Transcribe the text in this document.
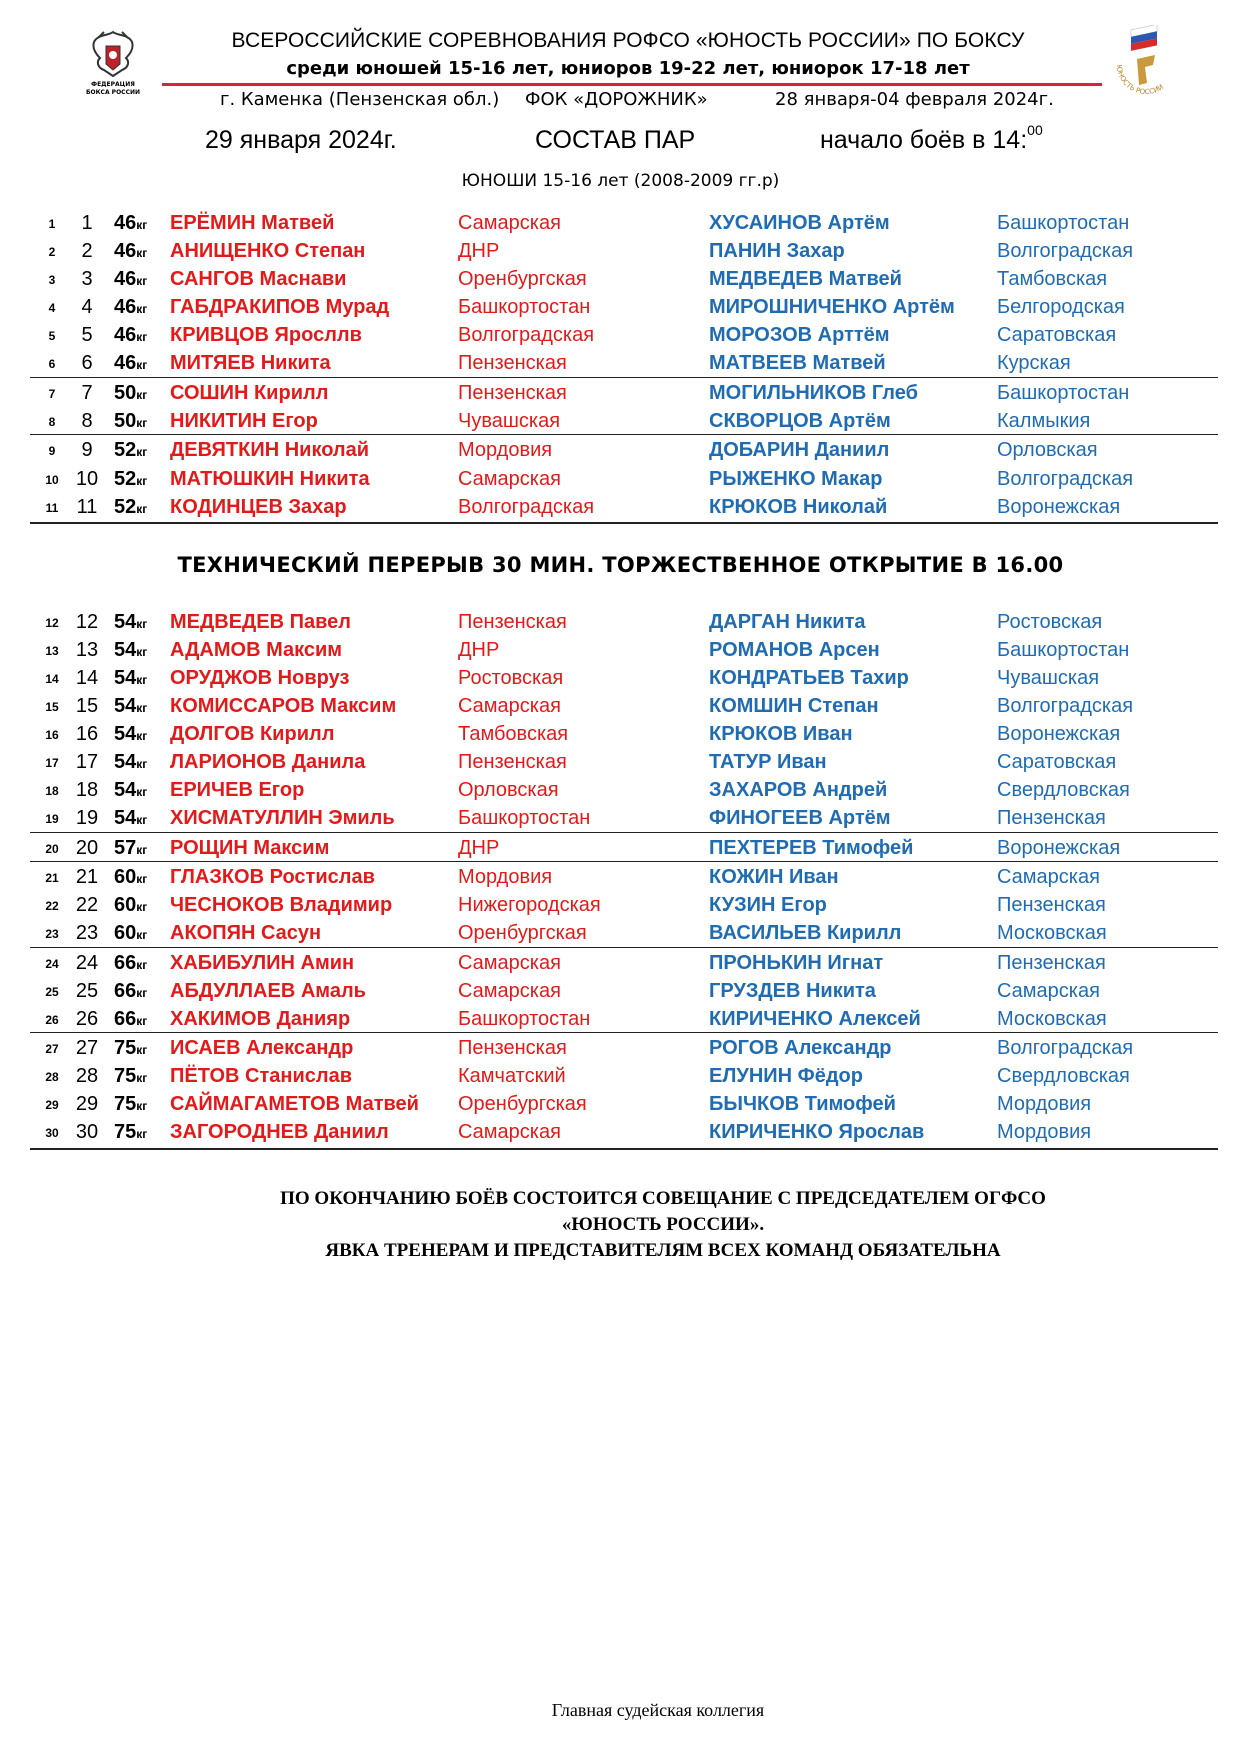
ФЕДЕРАЦИЯ
БОКСА РОССИИ
ЮНОСТЬ РОССИИ
ВСЕРОССИЙСКИЕ СОРЕВНОВАНИЯ РОФСО «ЮНОСТЬ РОССИИ» ПО БОКСУ
среди юношей 15-16 лет, юниоров 19-22 лет, юниорок 17-18 лет
г. Каменка (Пензенская обл.) ФОК «ДОРОЖНИК»	28 января-04 февраля 2024г.
29 января 2024г.	СОСТАВ ПАР	начало боёв в 14:$^{00}$
ЮНОШИ 15-16 лет (2008-2009 гг.р)
1	1	46кг ЕРЁМИН Матвей	Самарская	ХУСАИНОВ Артём	Башкортостан
2	2	46кг АНИЩЕНКО Степан	ДНР	ПАНИН Захар	Волгоградская
3	3	46кг САНГОВ Маснави	Оренбургская	МЕДВЕДЕВ Матвей	Тамбовская
4	4	46кг ГАБДРАКИПОВ Мурад	Башкортостан	МИРОШНИЧЕНКО Артём Белгородская
5	5	46кг КРИВЦОВ Яросллв	Волгоградская	МОРОЗОВ Арттём	Саратовская
6	6	46кг МИТЯЕВ Никита	Пензенская	МАТВЕЕВ Матвей	Курская
7	7	50кг СОШИН Кирилл	Пензенская	МОГИЛЬНИКОВ Глеб	Башкортостан
8	8	50кг НИКИТИН Егор	Чувашская	СКВОРЦОВ Артём	Калмыкия
9	9	52кг ДЕВЯТКИН Николай	Мордовия	ДОБАРИН Даниил	Орловская
10 10 52кг МАТЮШКИН Никита	Самарская	РЫЖЕНКО Макар	Волгоградская
11 11 52кг КОДИНЦЕВ Захар	Волгоградская	КРЮКОВ Николай	Воронежская
12 12 54кг МЕДВЕДЕВ Павел	Пензенская	ДАРГАН Никита	Ростовская
13 13 54кг АДАМОВ Максим	ДНР	РОМАНОВ Арсен	Башкортостан
14 14 54кг ОРУДЖОВ Новруз	Ростовская	КОНДРАТЬЕВ Тахир	Чувашская
15 15 54кг КОМИССАРОВ Максим	Самарская	КОМШИН Степан	Волгоградская
16 16 54кг ДОЛГОВ Кирилл	Тамбовская	КРЮКОВ Иван	Воронежская
17 17 54кг ЛАРИОНОВ Данила	Пензенская	ТАТУР Иван	Саратовская
18 18 54кг ЕРИЧЕВ Егор	Орловская	ЗАХАРОВ Андрей	Свердловская
19 19 54кг ХИСМАТУЛЛИН Эмиль	Башкортостан	ФИНОГЕЕВ Артём	Пензенская
20 20 57кг РОЩИН Максим	ДНР	ПЕХТЕРЕВ Тимофей	Воронежская
21 21 60кг ГЛАЗКОВ Ростислав	Мордовия	КОЖИН Иван	Самарская
22 22 60кг ЧЕСНОКОВ Владимир	Нижегородская	КУЗИН Егор	Пензенская
23 23 60кг АКОПЯН Сасун	Оренбургская	ВАСИЛЬЕВ Кирилл	Московская
24 24 66кг ХАБИБУЛИН Амин	Самарская	ПРОНЬКИН Игнат	Пензенская
25 25 66кг АБДУЛЛАЕВ Амаль	Самарская	ГРУЗДЕВ Никита	Самарская
26 26 66кг ХАКИМОВ Данияр	Башкортостан	КИРИЧЕНКО Алексей	Московская
27 27 75кг ИСАЕВ Александр	Пензенская	РОГОВ Александр	Волгоградская
28 28 75кг ПЁТОВ Станислав	Камчатский	ЕЛУНИН Фёдор	Свердловская
29 29 75кг САЙМАГАМЕТОВ Матвей Оренбургская	БЫЧКОВ Тимофей	Мордовия
30 30 75кг ЗАГОРОДНЕВ Даниил	Самарская	КИРИЧЕНКО Ярослав	Мордовия
ТЕХНИЧЕСКИЙ ПЕРЕРЫВ 30 МИН. ТОРЖЕСТВЕННОЕ ОТКРЫТИЕ В 16.00
ПО ОКОНЧАНИЮ БОЁВ СОСТОИТСЯ СОВЕЩАНИЕ С ПРЕДСЕДАТЕЛЕМ ОГФСО
«ЮНОСТЬ РОССИИ».
ЯВКА ТРЕНЕРАМ И ПРЕДСТАВИТЕЛЯМ ВСЕХ КОМАНД ОБЯЗАТЕЛЬНА
Главная судейская коллегия
